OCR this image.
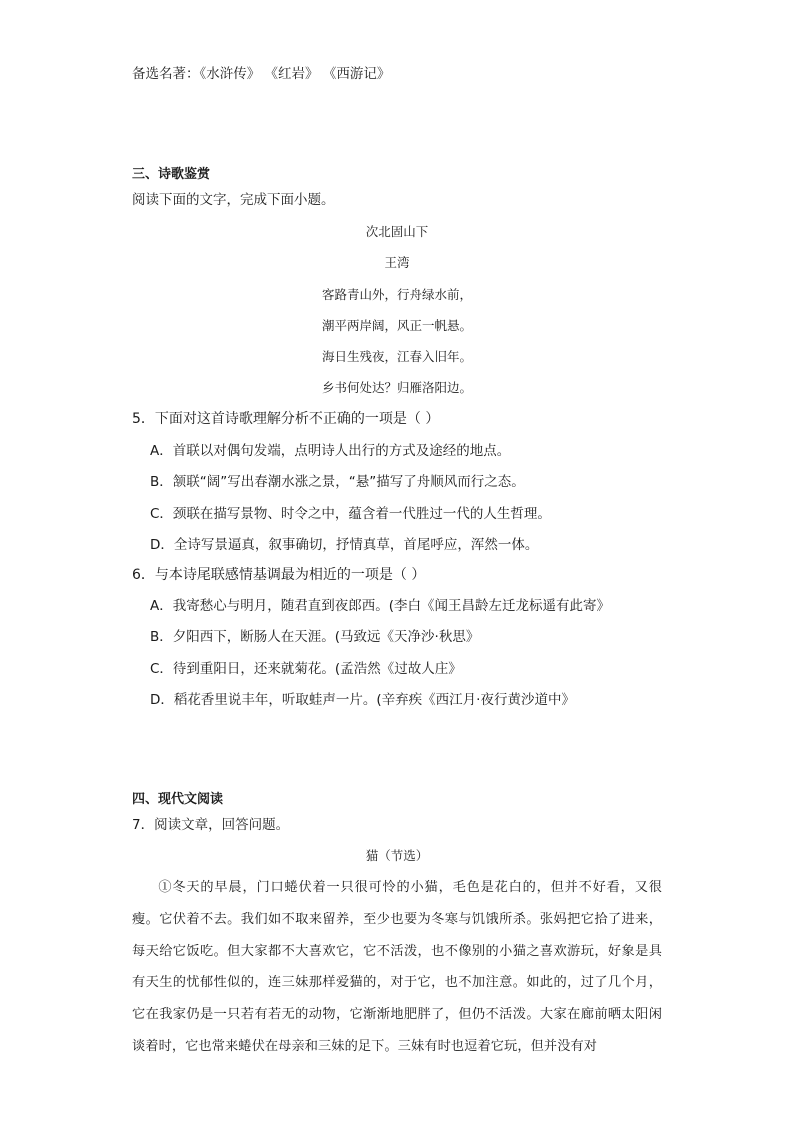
备选名著：《水浒传》 《红岩》 《西游记》
三、诗歌鉴赏
阅读下面的文字，完成下面小题。
次北固山下
王湾
客路青山外，行舟绿水前，
潮平两岸阔，风正一帆悬。
海日生残夜，江春入旧年。
乡书何处达？归雁洛阳边。
5．下面对这首诗歌理解分析不正确的一项是（ ）
A．首联以对偶句发端，点明诗人出行的方式及途经的地点。
B．颔联“阔”写出春潮水涨之景，“悬”描写了舟顺风而行之态。
C．颈联在描写景物、时令之中，蕴含着一代胜过一代的人生哲理。
D．全诗写景逼真，叙事确切，抒情真草，首尾呼应，浑然一体。
6．与本诗尾联感情基调最为相近的一项是（ ）
A．我寄愁心与明月，随君直到夜郎西。(李白《闻王昌龄左迁龙标遥有此寄》
B．夕阳西下，断肠人在天涯。(马致远《天净沙·秋思》
C．待到重阳日，还来就菊花。(孟浩然《过故人庄》
D．稻花香里说丰年，听取蛙声一片。(辛弃疾《西江月·夜行黄沙道中》
四、现代文阅读
7．阅读文章，回答问题。
猫（节选）
①冬天的早晨，门口蜷伏着一只很可怜的小猫，毛色是花白的，但并不好看，又很瘦。它伏着不去。我们如不取来留养，至少也要为冬寒与饥饿所杀。张妈把它拾了进来，每天给它饭吃。但大家都不大喜欢它，它不活泼，也不像别的小猫之喜欢游玩，好象是具有天生的忧郁性似的，连三妹那样爱猫的，对于它，也不加注意。如此的，过了几个月，它在我家仍是一只若有若无的动物，它渐渐地肥胖了，但仍不活泼。大家在廊前晒太阳闲谈着时，它也常来蜷伏在母亲和三妹的足下。三妹有时也逗着它玩，但并没有对
